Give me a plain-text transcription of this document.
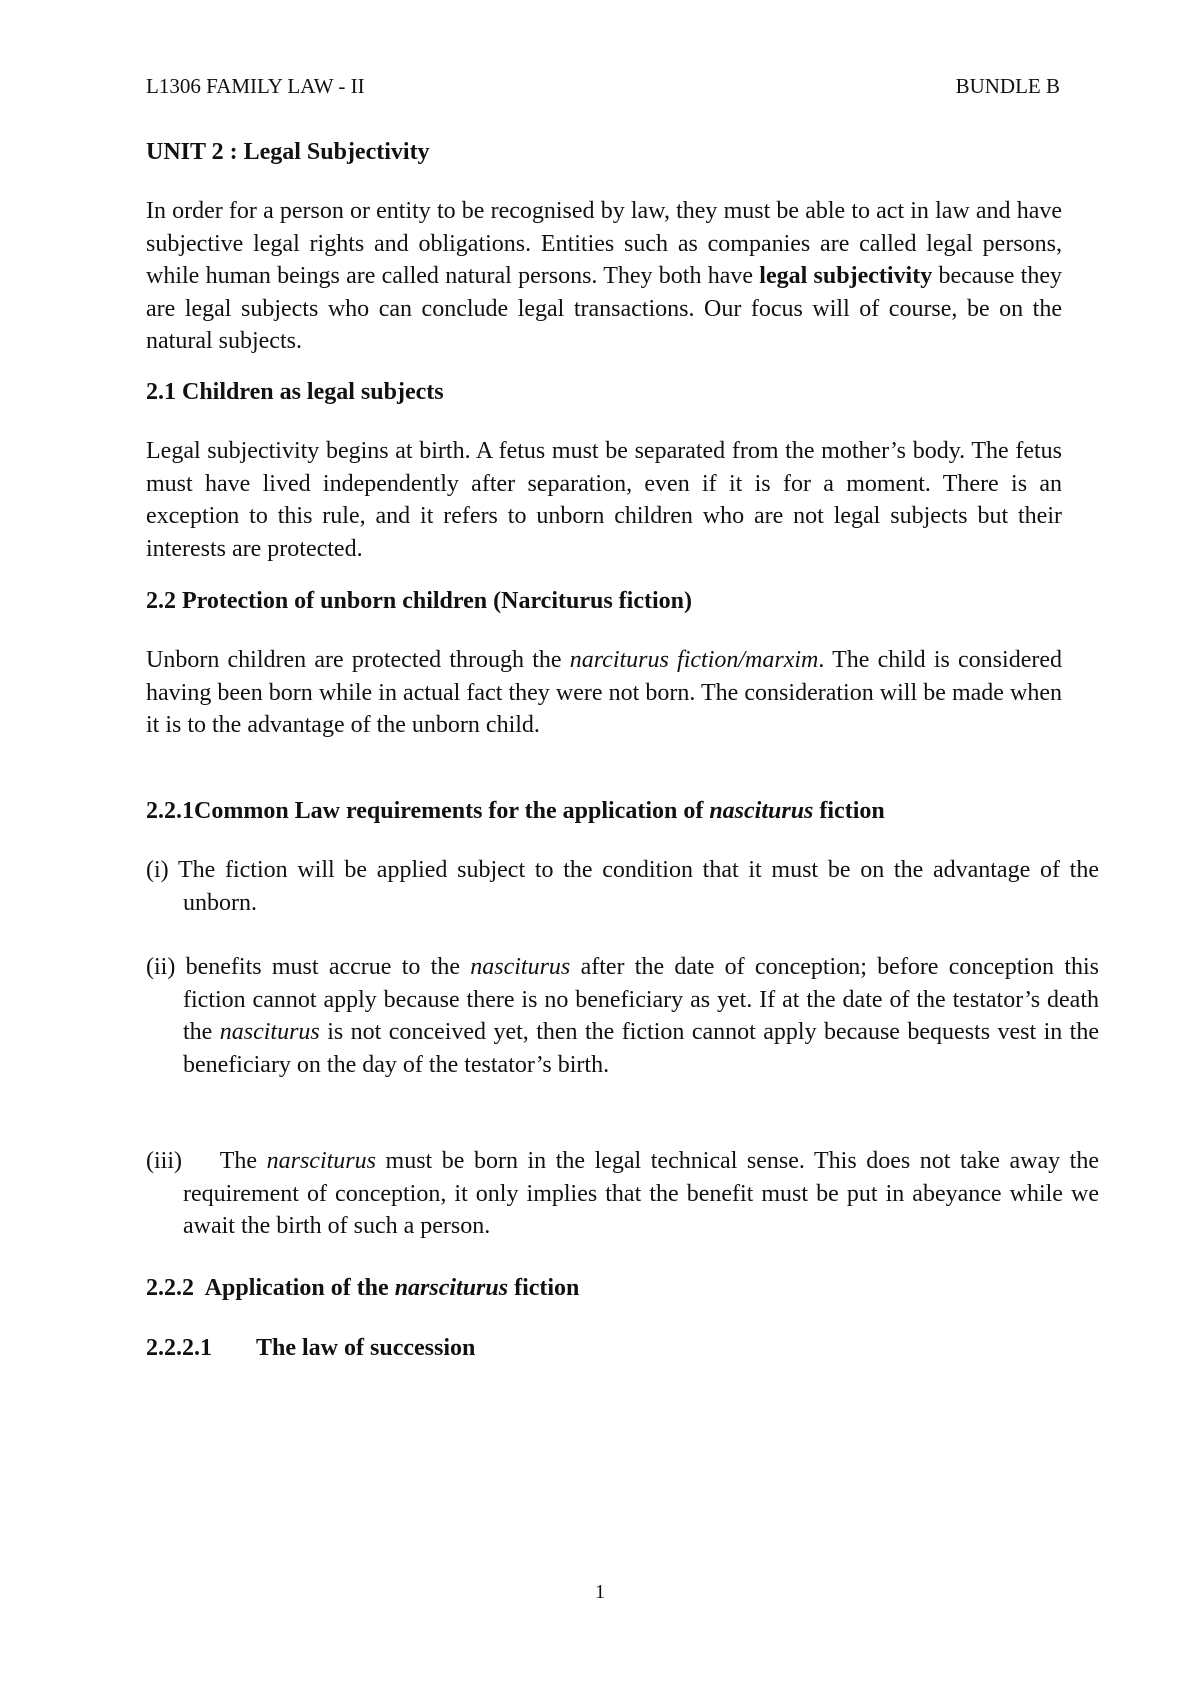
L1306 FAMILY LAW - II	BUNDLE B
UNIT 2 : Legal Subjectivity
In order for a person or entity to be recognised by law, they must be able to act in law and have subjective legal rights and obligations. Entities such as companies are called legal persons, while human beings are called natural persons. They both have legal subjectivity because they are legal subjects who can conclude legal transactions. Our focus will of course, be on the natural subjects.
2.1 Children as legal subjects
Legal subjectivity begins at birth. A fetus must be separated from the mother’s body. The fetus must have lived independently after separation, even if it is for a moment. There is an exception to this rule, and it refers to unborn children who are not legal subjects but their interests are protected.
2.2 Protection of unborn children (Narciturus fiction)
Unborn children are protected through the narciturus fiction/marxim. The child is considered having been born while in actual fact they were not born. The consideration will be made when it is to the advantage of the unborn child.
2.2.1Common Law requirements for the application of nasciturus fiction
(i) The fiction will be applied subject to the condition that it must be on the advantage of the unborn.
(ii) benefits must accrue to the nasciturus after the date of conception; before conception this fiction cannot apply because there is no beneficiary as yet. If at the date of the testator’s death the nasciturus is not conceived yet, then the fiction cannot apply because bequests vest in the beneficiary on the day of the testator’s birth.
(iii) The narsciturus must be born in the legal technical sense. This does not take away the requirement of conception, it only implies that the benefit must be put in abeyance while we await the birth of such a person.
2.2.2  Application of the narsciturus fiction
2.2.2.1 The law of succession
1
